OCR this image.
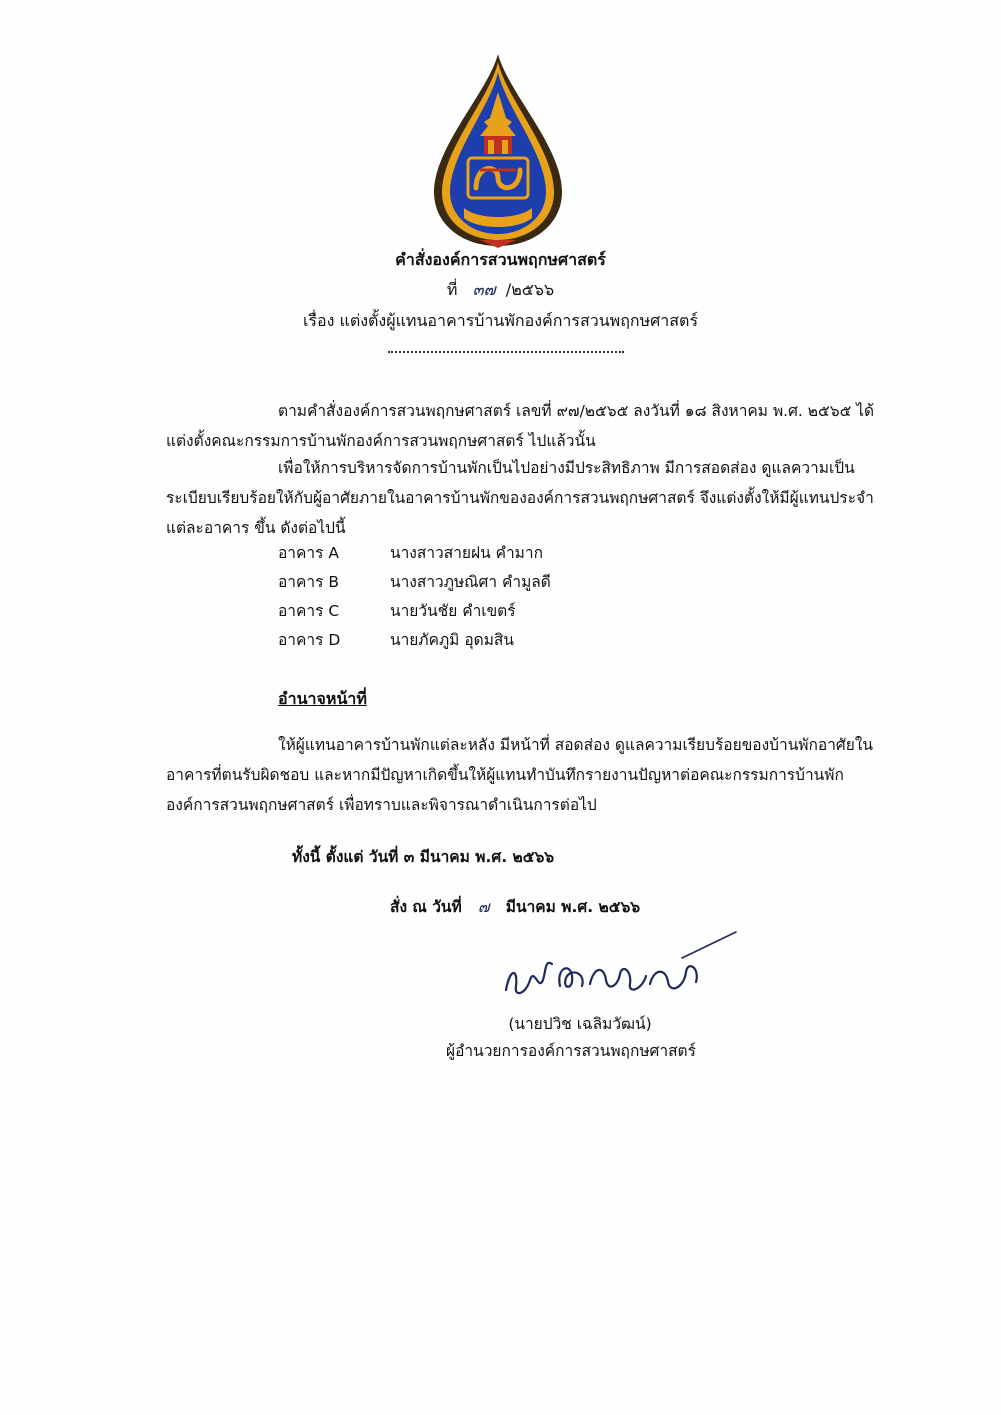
คำสั่งองค์การสวนพฤกษศาสตร์
ที่ ๓๗ /๒๕๖๖
เรื่อง แต่งตั้งผู้แทนอาคารบ้านพักองค์การสวนพฤกษศาสตร์
ตามคำสั่งองค์การสวนพฤกษศาสตร์ เลขที่ ๙๗/๒๕๖๕ ลงวันที่ ๑๘ สิงหาคม พ.ศ. ๒๕๖๕ ได้
แต่งตั้งคณะกรรมการบ้านพักองค์การสวนพฤกษศาสตร์ ไปแล้วนั้น
เพื่อให้การบริหารจัดการบ้านพักเป็นไปอย่างมีประสิทธิภาพ มีการสอดส่อง ดูแลความเป็น
ระเบียบเรียบร้อยให้กับผู้อาศัยภายในอาคารบ้านพักขององค์การสวนพฤกษศาสตร์ จึงแต่งตั้งให้มีผู้แทนประจำ
แต่ละอาคาร ขึ้น ดังต่อไปนี้
อาคาร A	นางสาวสายฝน คำมาก
อาคาร B	นางสาวภูษณิศา คำมูลดี
อาคาร C	นายวันชัย คำเขตร์
อาคาร D	นายภัคภูมิ อุดมสิน
อำนาจหน้าที่
ให้ผู้แทนอาคารบ้านพักแต่ละหลัง มีหน้าที่ สอดส่อง ดูแลความเรียบร้อยของบ้านพักอาศัยใน
อาคารที่ตนรับผิดชอบ และหากมีปัญหาเกิดขึ้นให้ผู้แทนทำบันทึกรายงานปัญหาต่อคณะกรรมการบ้านพัก
องค์การสวนพฤกษศาสตร์ เพื่อทราบและพิจารณาดำเนินการต่อไป
ทั้งนี้ ตั้งแต่ วันที่ ๓ มีนาคม พ.ศ. ๒๕๖๖
สั่ง ณ วันที่ ๗ มีนาคม พ.ศ. ๒๕๖๖
(นายปวิช เฉลิมวัฒน์)
ผู้อำนวยการองค์การสวนพฤกษศาสตร์
